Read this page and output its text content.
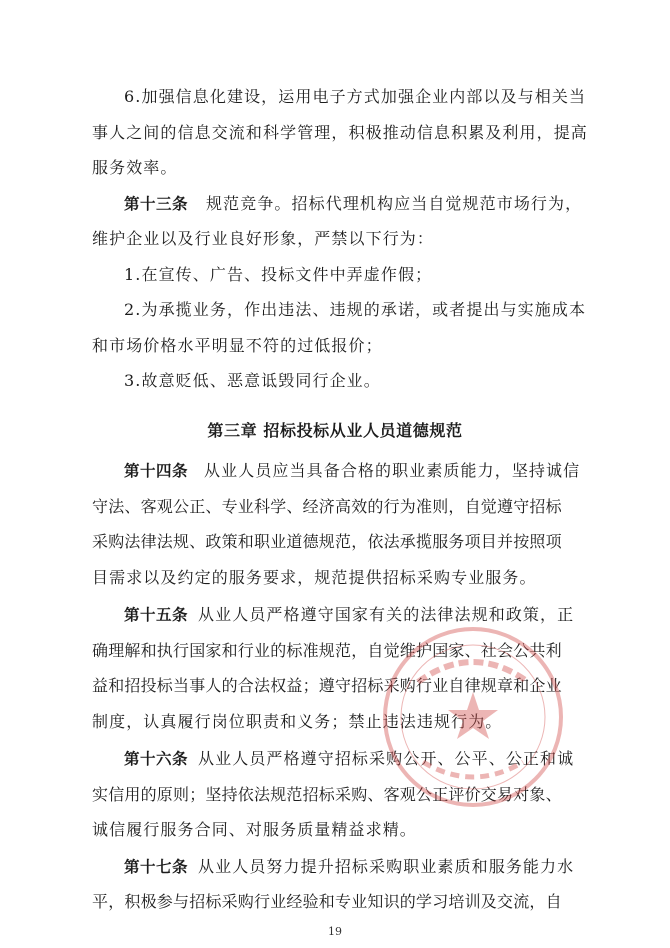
6.加强信息化建设，运用电子方式加强企业内部以及与相关当
事人之间的信息交流和科学管理，积极推动信息积累及利用，提高
服务效率。
第十三条 规范竞争。招标代理机构应当自觉规范市场行为，
维护企业以及行业良好形象，严禁以下行为：
1.在宣传、广告、投标文件中弄虚作假；
2.为承揽业务，作出违法、违规的承诺，或者提出与实施成本
和市场价格水平明显不符的过低报价；
3.故意贬低、恶意诋毁同行企业。
第三章 招标投标从业人员道德规范
第十四条 从业人员应当具备合格的职业素质能力，坚持诚信
守法、客观公正、专业科学、经济高效的行为准则，自觉遵守招标
采购法律法规、政策和职业道德规范，依法承揽服务项目并按照项
目需求以及约定的服务要求，规范提供招标采购专业服务。
第十五条 从业人员严格遵守国家有关的法律法规和政策，正
确理解和执行国家和行业的标准规范，自觉维护国家、社会公共利
益和招投标当事人的合法权益；遵守招标采购行业自律规章和企业
制度，认真履行岗位职责和义务；禁止违法违规行为。
第十六条 从业人员严格遵守招标采购公开、公平、公正和诚
实信用的原则；坚持依法规范招标采购、客观公正评价交易对象、
诚信履行服务合同、对服务质量精益求精。
第十七条 从业人员努力提升招标采购职业素质和服务能力水
平，积极参与招标采购行业经验和专业知识的学习培训及交流，自
19
